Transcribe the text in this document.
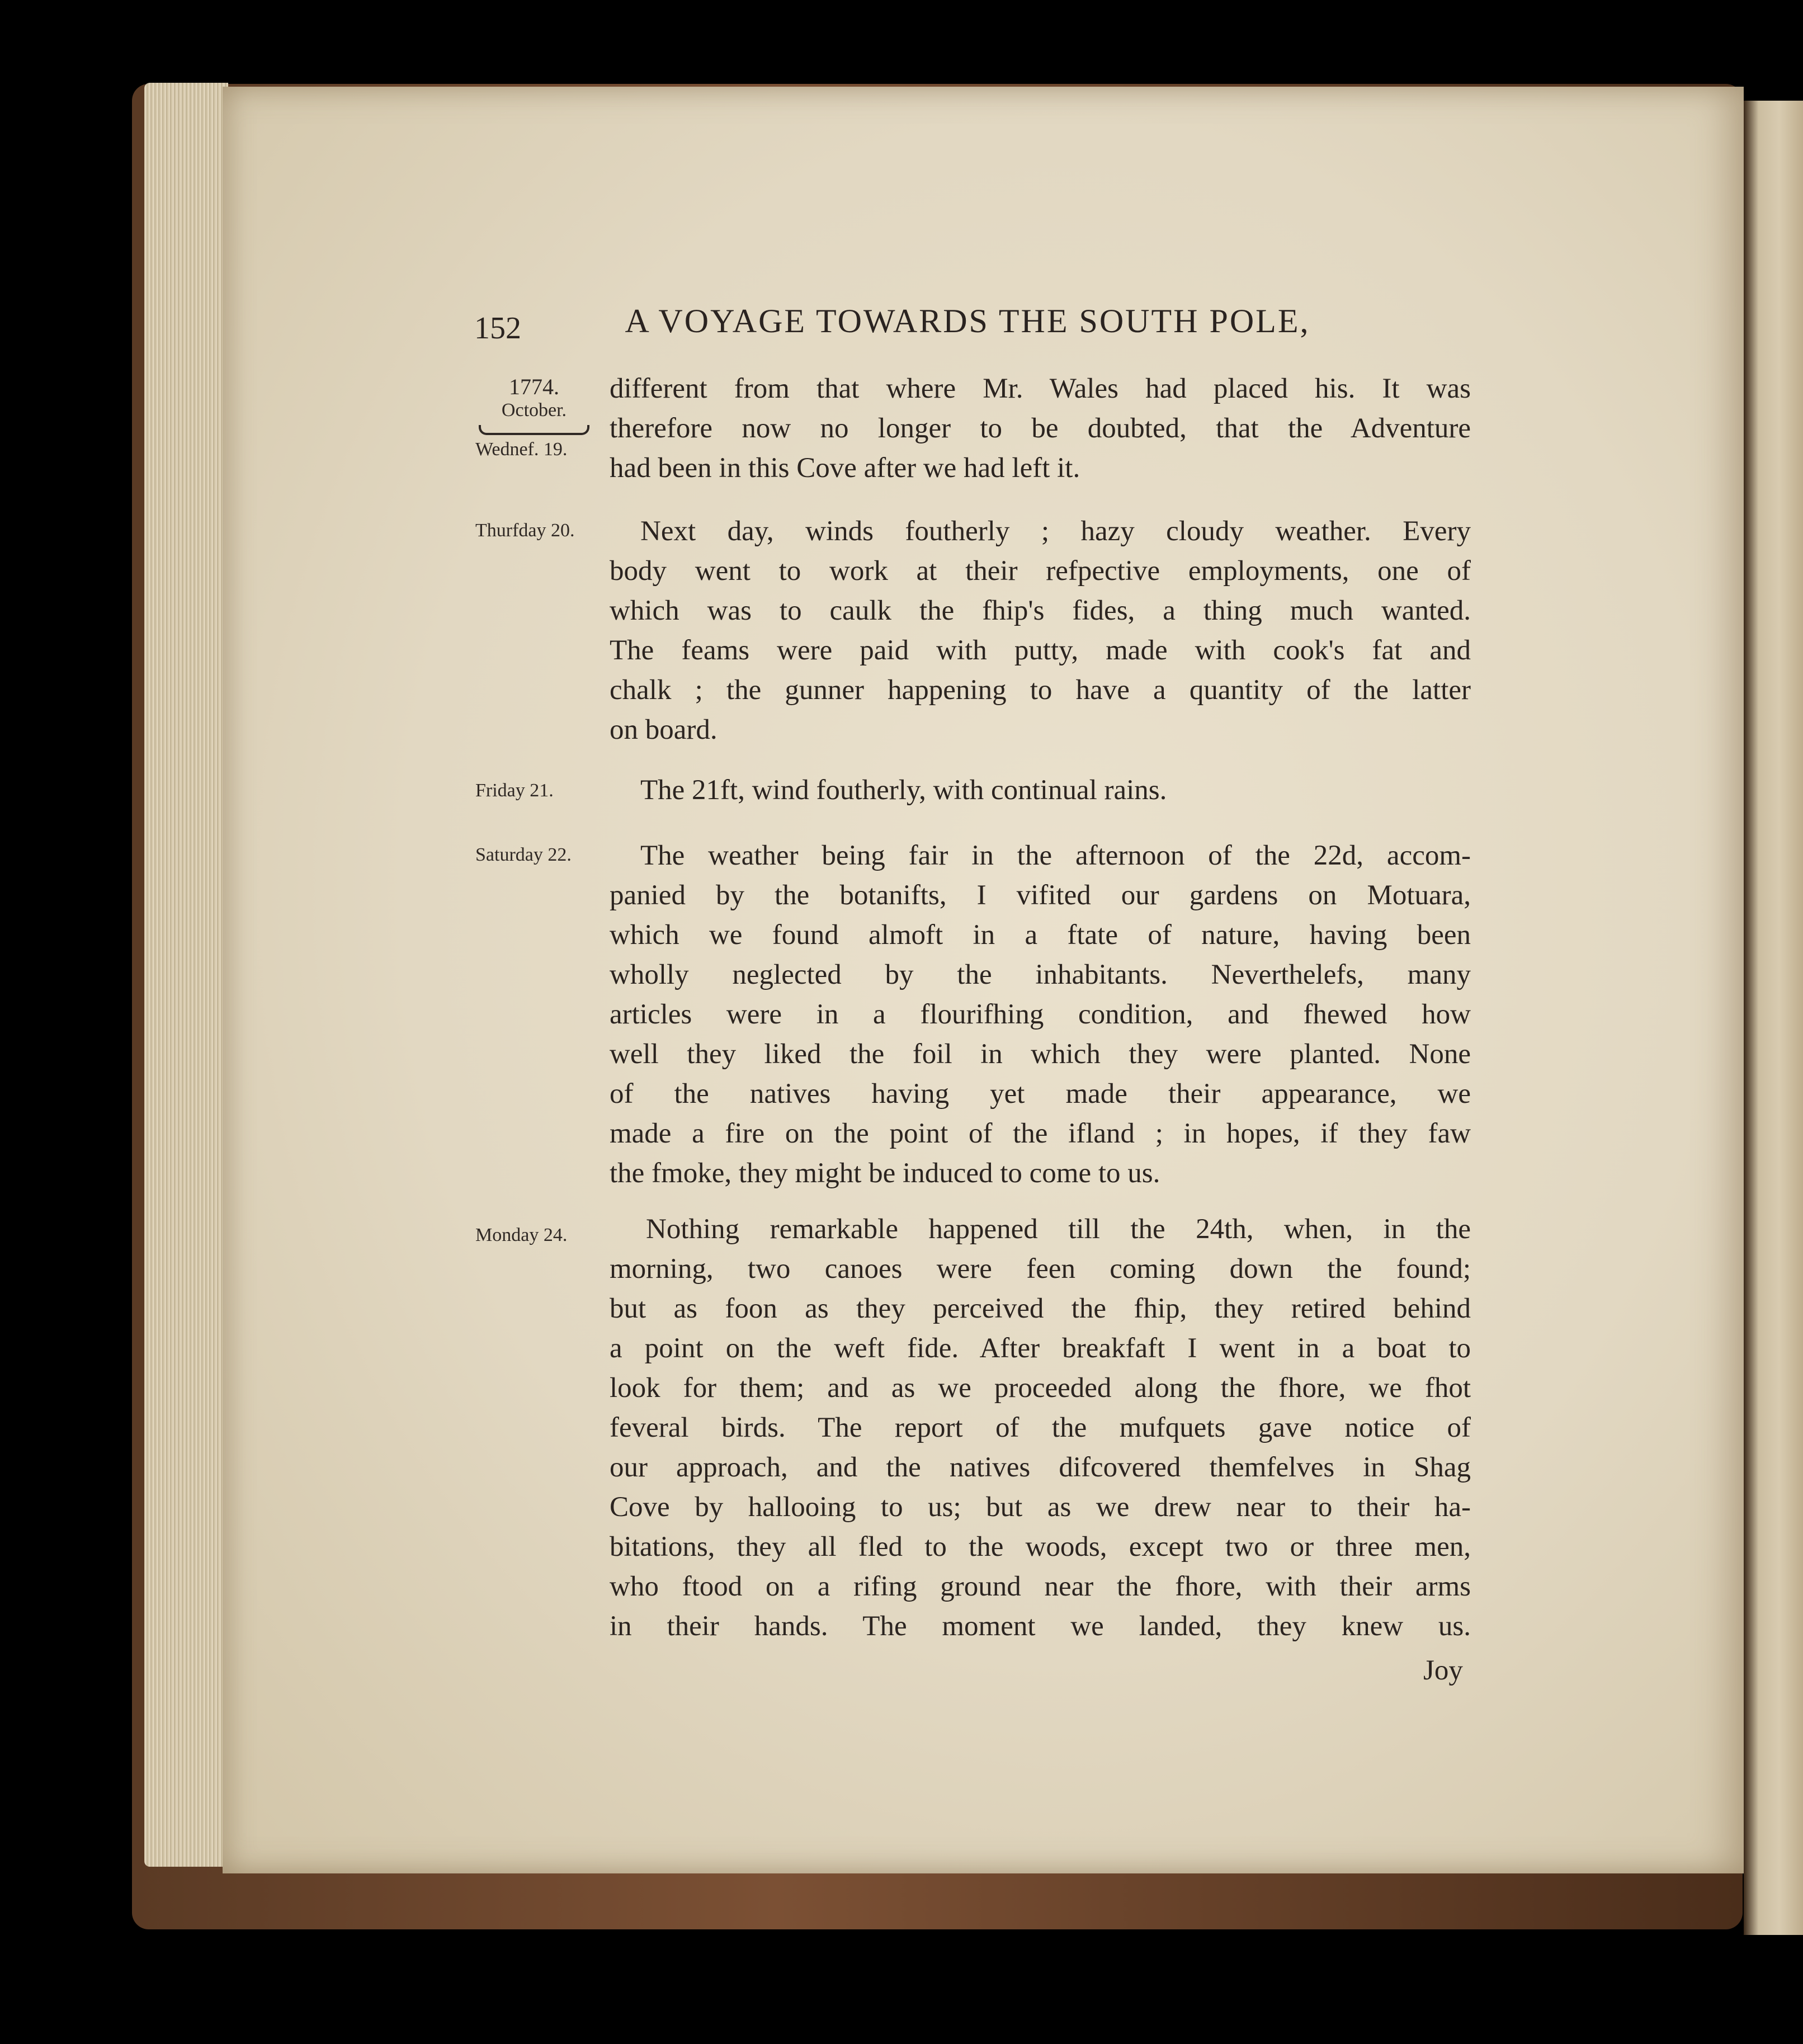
152	A VOYAGE TOWARDS THE SOUTH POLE,
1774.
October.
Wednef. 19.
different from that where Mr. Wales had placed his. It was
therefore now no longer to be doubted, that the Adventure
had been in this Cove after we had left it.
Thurfday 20.	Next day, winds foutherly ; hazy cloudy weather. Every
body went to work at their refpective employments, one of
which was to caulk the fhip's fides, a thing much wanted.
The feams were paid with putty, made with cook's fat and
chalk ; the gunner happening to have a quantity of the latter
on board.
Friday 21.	The 21ft, wind foutherly, with continual rains.
Saturday 22.	The weather being fair in the afternoon of the 22d, accom-
panied by the botanifts, I vifited our gardens on Motuara,
which we found almoft in a ftate of nature, having been
wholly neglected by the inhabitants. Neverthelefs, many
articles were in a flourifhing condition, and fhewed how
well they liked the foil in which they were planted. None
of the natives having yet made their appearance, we
made a fire on the point of the ifland ; in hopes, if they faw
the fmoke, they might be induced to come to us.
Monday 24.	Nothing remarkable happened till the 24th, when, in the
morning, two canoes were feen coming down the found;
but as foon as they perceived the fhip, they retired behind
a point on the weft fide. After breakfaft I went in a boat to
look for them; and as we proceeded along the fhore, we fhot
feveral birds. The report of the mufquets gave notice of
our approach, and the natives difcovered themfelves in Shag
Cove by hallooing to us; but as we drew near to their ha-
bitations, they all fled to the woods, except two or three men,
who ftood on a rifing ground near the fhore, with their arms
in their hands. The moment we landed, they knew us.
Joy
